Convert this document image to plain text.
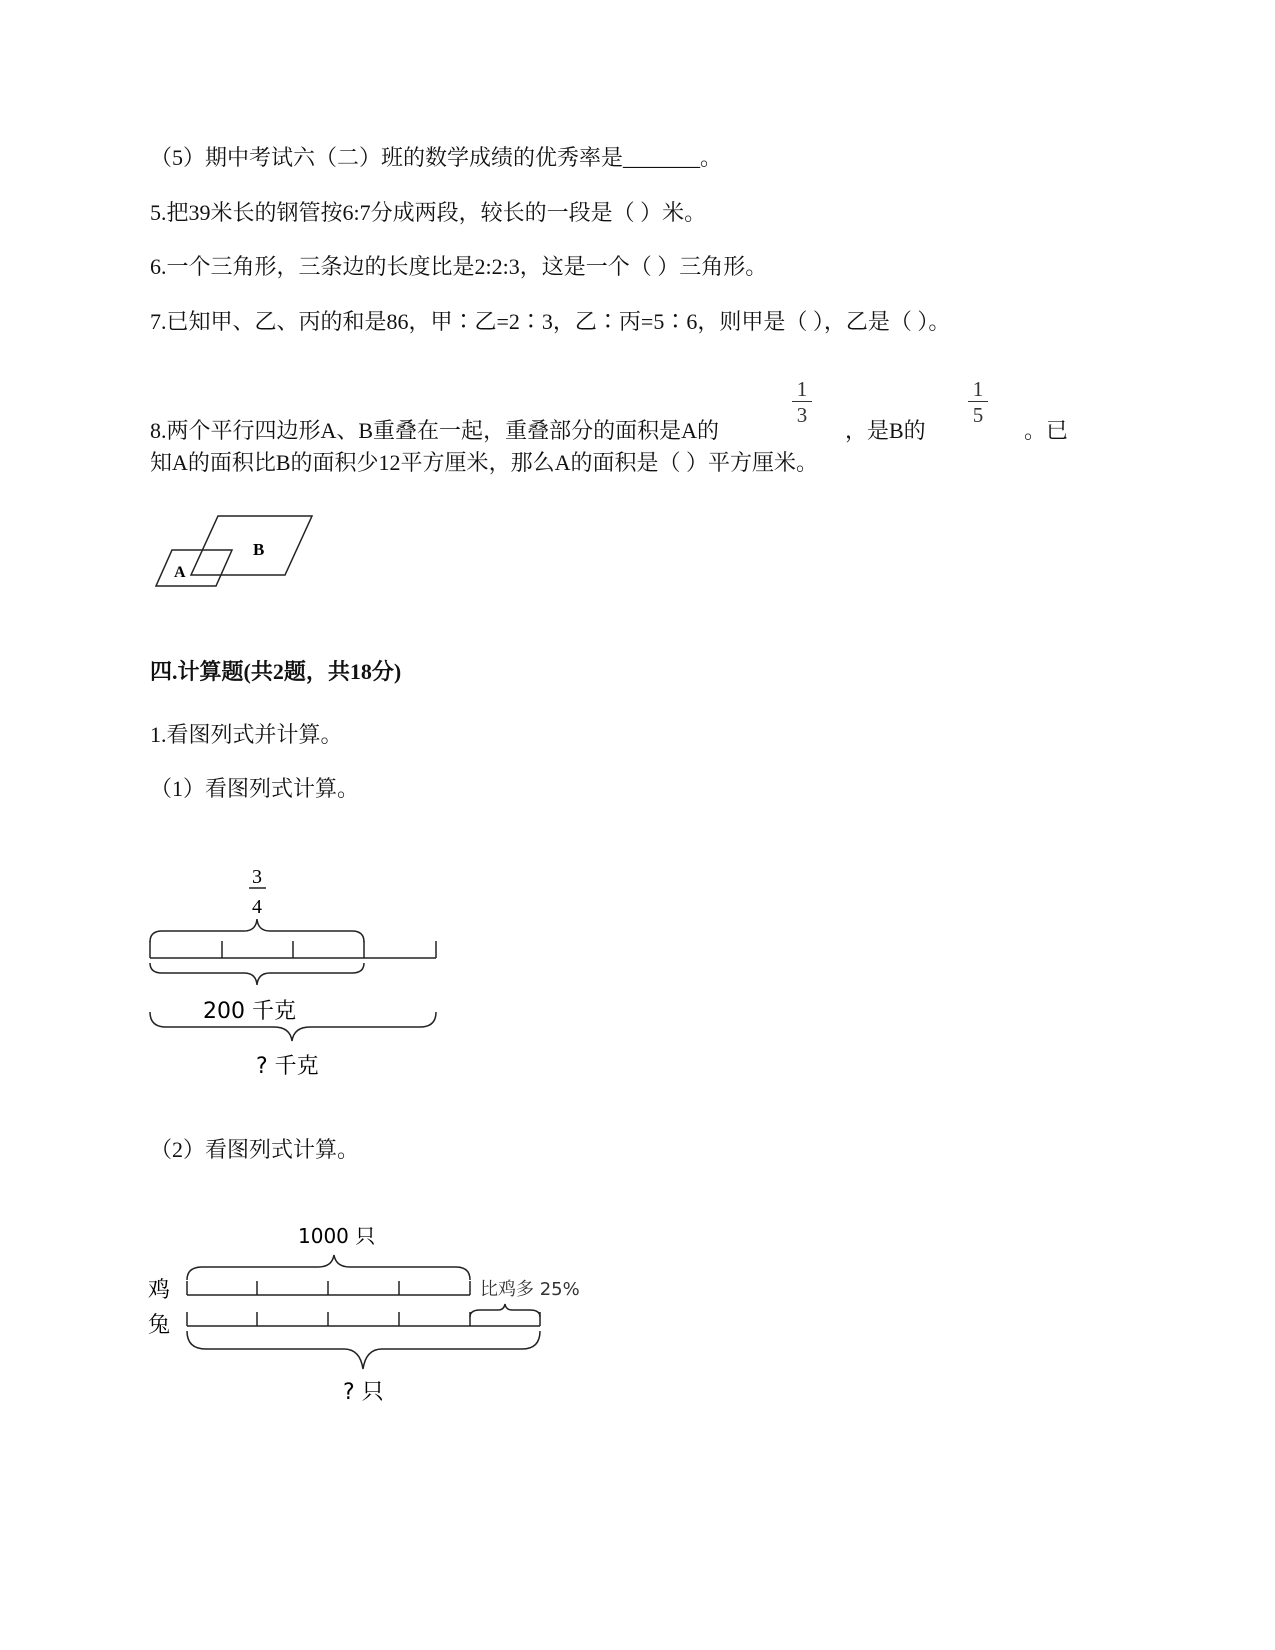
（5）期中考试六（二）班的数学成绩的优秀率是_______。
5.把39米长的钢管按6:7分成两段，较长的一段是（ ）米。
6.一个三角形，三条边的长度比是2:2:3，这是一个（ ）三角形。
7.已知甲、乙、丙的和是86，甲∶乙=2∶3，乙∶丙=5∶6，则甲是（ ），乙是（ ）。
8.两个平行四边形A、B重叠在一起，重叠部分的面积是A的
1
3
，是B的
1
5
。已
知A的面积比B的面积少12平方厘米，那么A的面积是（ ）平方厘米。
B
A
四.计算题(共2题，共18分)
1.看图列式并计算。
（1）看图列式计算。
3
4
200 千克
? 千克
（2）看图列式计算。
1000 只
鸡
兔
比鸡多 25%
? 只
